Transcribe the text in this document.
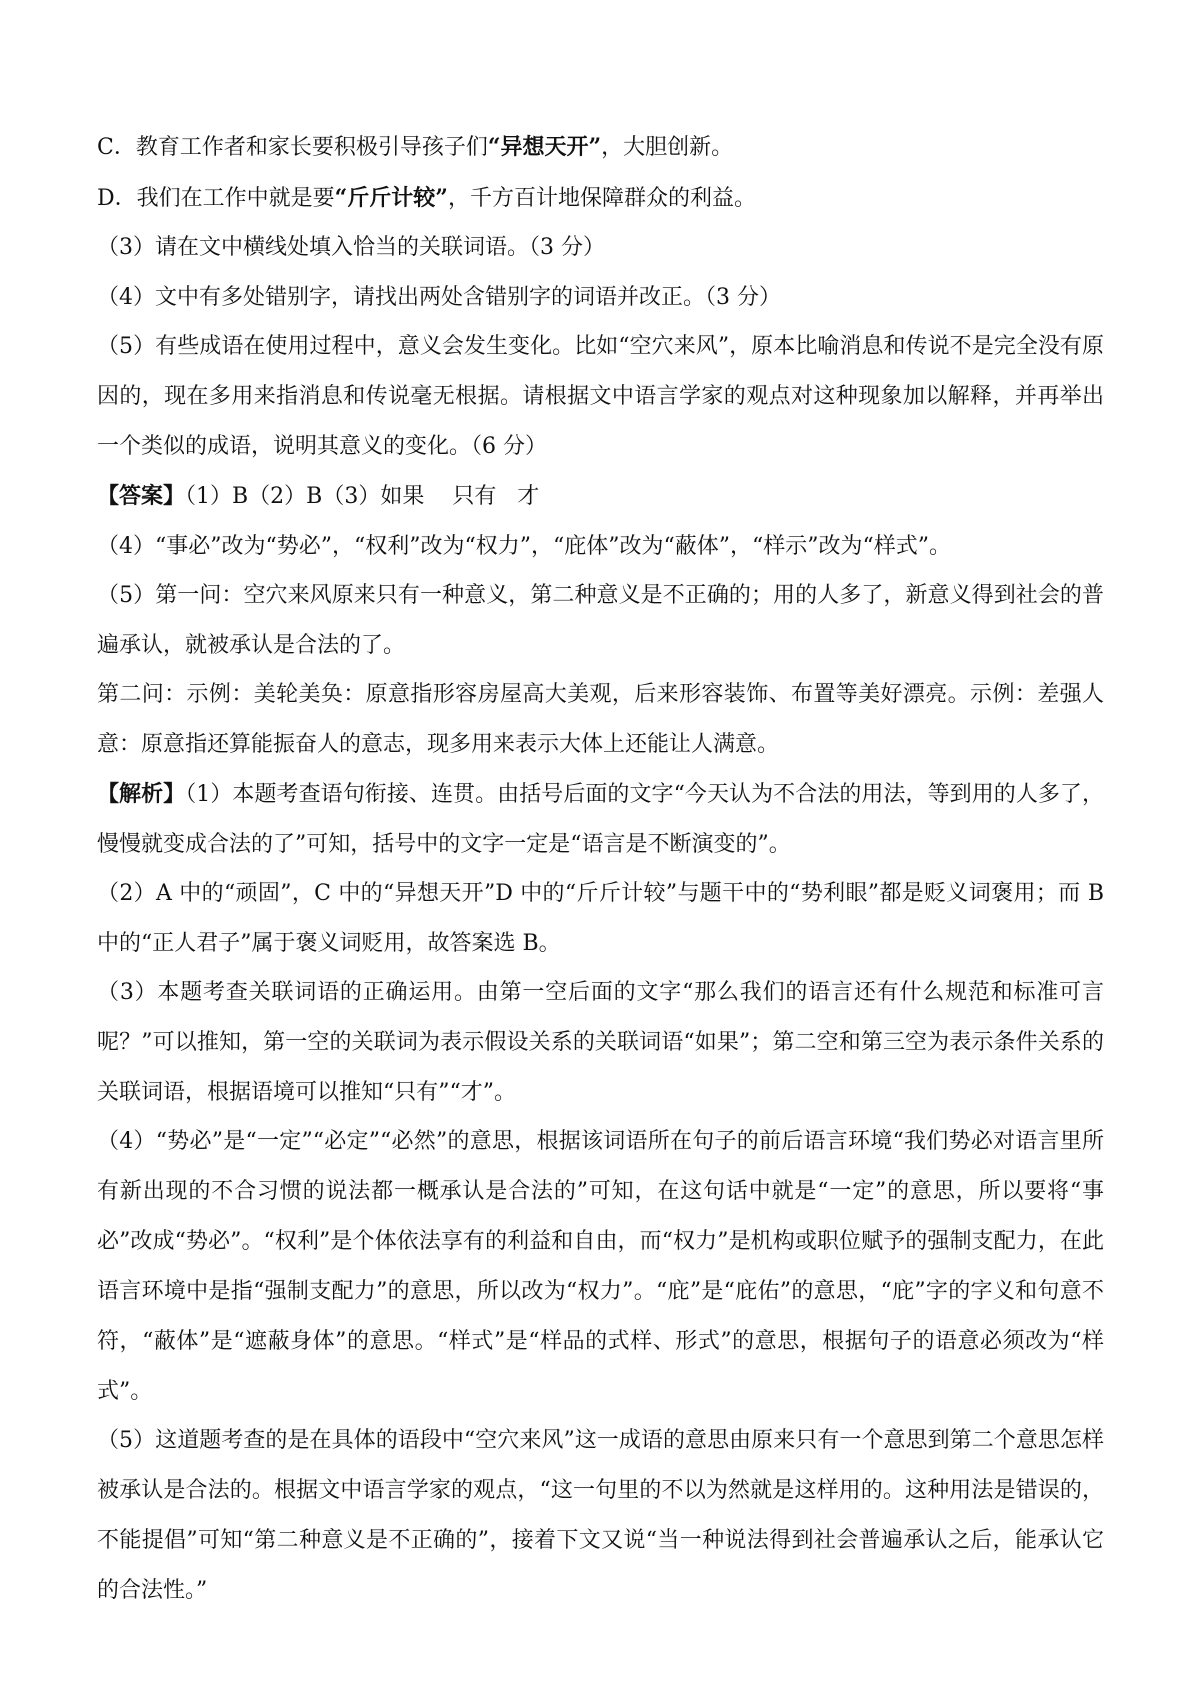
C．教育工作者和家长要积极引导孩子们“异想天开”，大胆创新。

D．我们在工作中就是要“斤斤计较”，千方百计地保障群众的利益。

（3）请在文中横线处填入恰当的关联词语。（3 分）

（4）文中有多处错别字，请找出两处含错别字的词语并改正。（3 分）

（5）有些成语在使用过程中，意义会发生变化。比如“空穴来风”，原本比喻消息和传说不是完全没有原因的，现在多用来指消息和传说毫无根据。请根据文中语言学家的观点对这种现象加以解释，并再举出一个类似的成语，说明其意义的变化。（6 分）

【答案】（1）B（2）B（3）如果    只有   才

（4）“事必”改为“势必”，“权利”改为“权力”，“庇体”改为“蔽体”，“样示”改为“样式”。

（5）第一问：空穴来风原来只有一种意义，第二种意义是不正确的；用的人多了，新意义得到社会的普遍承认，就被承认是合法的了。

第二问：示例：美轮美奂：原意指形容房屋高大美观，后来形容装饰、布置等美好漂亮。示例：差强人意：原意指还算能振奋人的意志，现多用来表示大体上还能让人满意。

【解析】（1）本题考查语句衔接、连贯。由括号后面的文字“今天认为不合法的用法，等到用的人多了，慢慢就变成合法的了”可知，括号中的文字一定是“语言是不断演变的”。

（2）A 中的“顽固”，C 中的“异想天开”D 中的“斤斤计较”与题干中的“势利眼”都是贬义词褒用；而 B 中的“正人君子”属于褒义词贬用，故答案选 B。

（3）本题考查关联词语的正确运用。由第一空后面的文字“那么我们的语言还有什么规范和标准可言呢？”可以推知，第一空的关联词为表示假设关系的关联词语“如果”；第二空和第三空为表示条件关系的关联词语，根据语境可以推知“只有”“才”。

（4）“势必”是“一定”“必定”“必然”的意思，根据该词语所在句子的前后语言环境“我们势必对语言里所有新出现的不合习惯的说法都一概承认是合法的”可知，在这句话中就是“一定”的意思，所以要将“事必”改成“势必”。“权利”是个体依法享有的利益和自由，而“权力”是机构或职位赋予的强制支配力，在此语言环境中是指“强制支配力”的意思，所以改为“权力”。“庇”是“庇佑”的意思，“庇”字的字义和句意不符，“蔽体”是“遮蔽身体”的意思。“样式”是“样品的式样、形式”的意思，根据句子的语意必须改为“样式”。

（5）这道题考查的是在具体的语段中“空穴来风”这一成语的意思由原来只有一个意思到第二个意思怎样被承认是合法的。根据文中语言学家的观点，“这一句里的不以为然就是这样用的。这种用法是错误的，不能提倡”可知“第二种意义是不正确的”，接着下文又说“当一种说法得到社会普遍承认之后，能承认它的合法性。”
